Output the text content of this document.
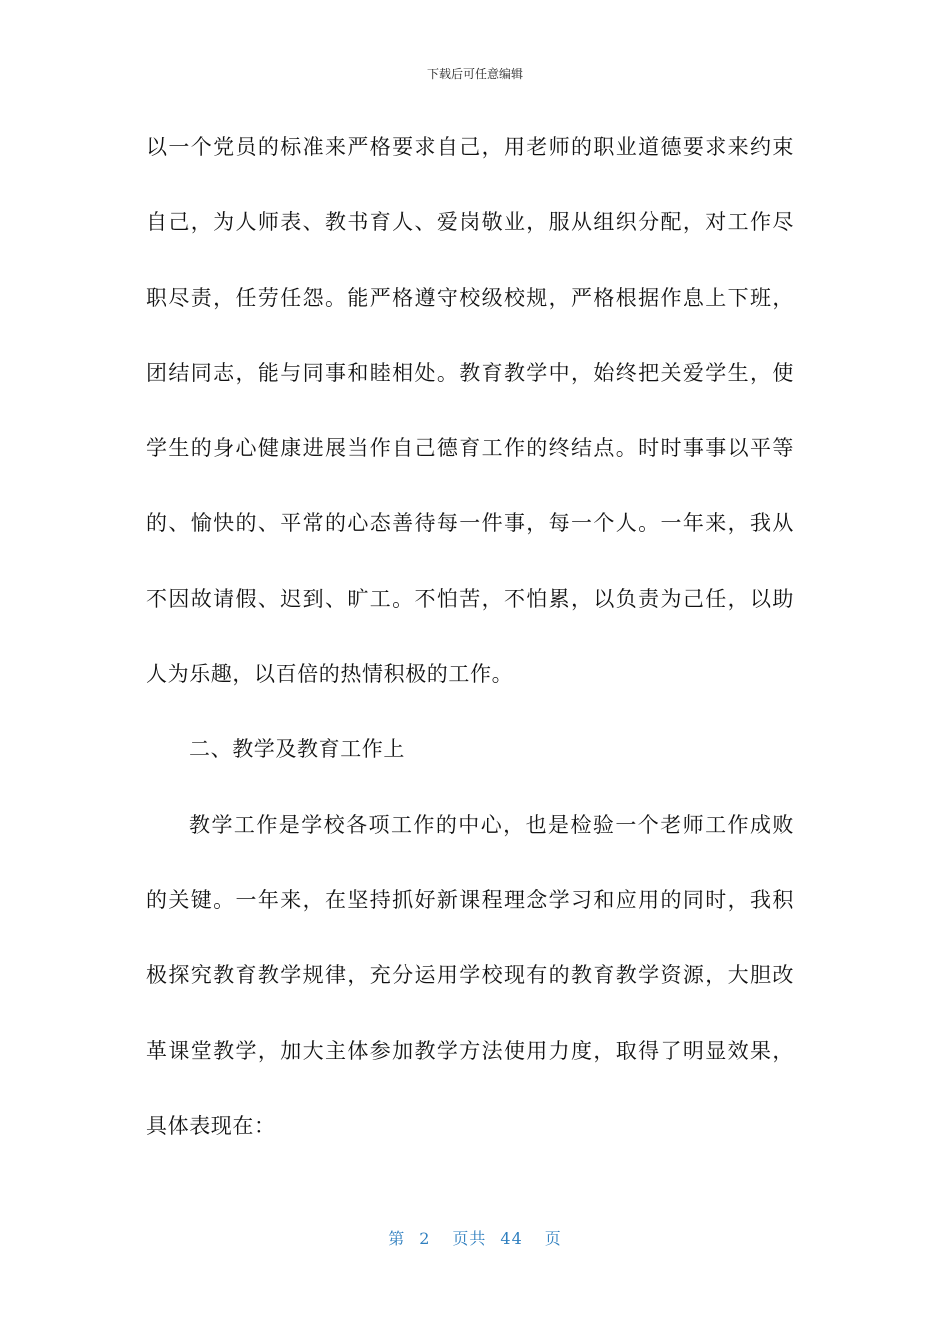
下载后可任意编辑
以一个党员的标准来严格要求自己，用老师的职业道德要求来约束
自己，为人师表、教书育人、爱岗敬业，服从组织分配，对工作尽
职尽责，任劳任怨。能严格遵守校级校规，严格根据作息上下班，
团结同志，能与同事和睦相处。教育教学中，始终把关爱学生，使
学生的身心健康进展当作自己德育工作的终结点。时时事事以平等
的、愉快的、平常的心态善待每一件事，每一个人。一年来，我从
不因故请假、迟到、旷工。不怕苦，不怕累，以负责为己任，以助
人为乐趣，以百倍的热情积极的工作。
二、教学及教育工作上
教学工作是学校各项工作的中心，也是检验一个老师工作成败
的关键。一年来，在坚持抓好新课程理念学习和应用的同时，我积
极探究教育教学规律，充分运用学校现有的教育教学资源，大胆改
革课堂教学，加大主体参加教学方法使用力度，取得了明显效果，
具体表现在：
第 2 页共 44 页
